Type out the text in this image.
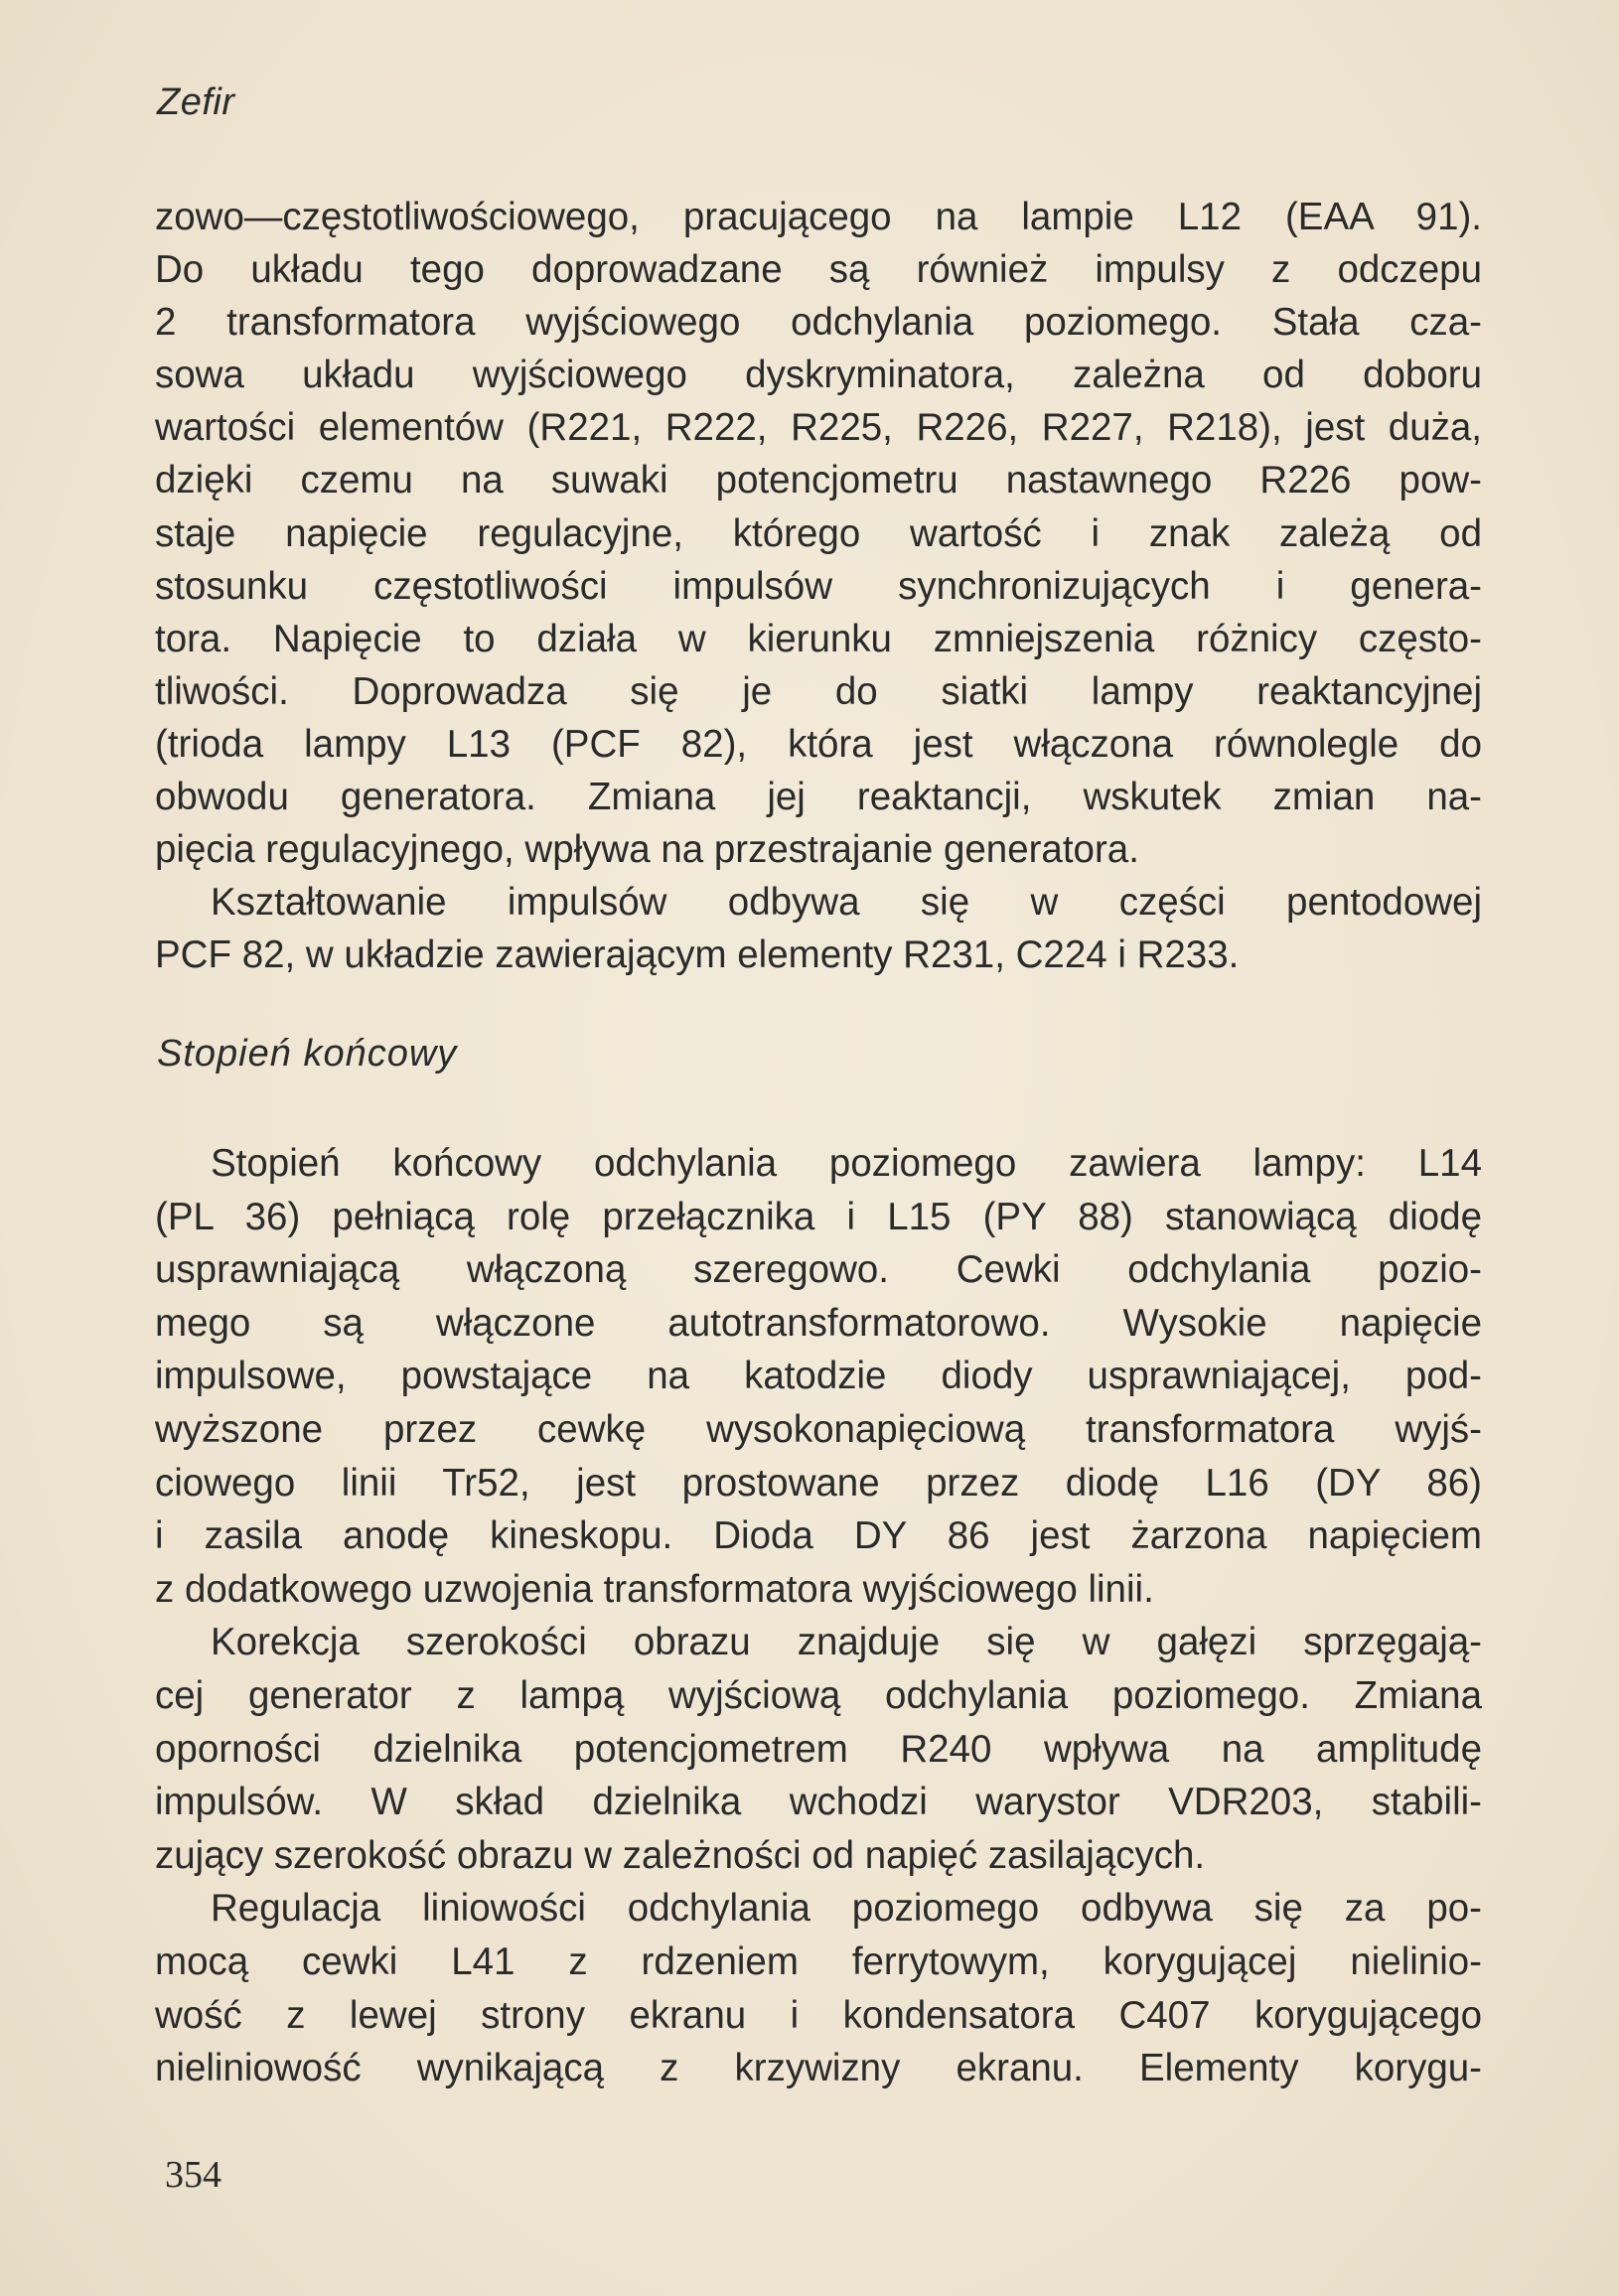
Zefir

zowo—częstotliwościowego, pracującego na lampie L12 (EAA 91).

Do układu tego doprowadzane są również impulsy z odczepu

2 transformatora wyjściowego odchylania poziomego. Stała cza-

sowa układu wyjściowego dyskryminatora, zależna od doboru

wartości elementów (R221, R222, R225, R226, R227, R218), jest duża,

dzięki czemu na suwaki potencjometru nastawnego R226 pow-

staje napięcie regulacyjne, którego wartość i znak zależą od

stosunku częstotliwości impulsów synchronizujących i genera-

tora. Napięcie to działa w kierunku zmniejszenia różnicy często-

tliwości. Doprowadza się je do siatki lampy reaktancyjnej

(trioda lampy L13 (PCF 82), która jest włączona równolegle do

obwodu generatora. Zmiana jej reaktancji, wskutek zmian na-

pięcia regulacyjnego, wpływa na przestrajanie generatora.

Kształtowanie impulsów odbywa się w części pentodowej

PCF 82, w układzie zawierającym elementy R231, C224 i R233.

Stopień końcowy

Stopień końcowy odchylania poziomego zawiera lampy: L14

(PL 36) pełniącą rolę przełącznika i L15 (PY 88) stanowiącą diodę

usprawniającą włączoną szeregowo. Cewki odchylania pozio-

mego są włączone autotransformatorowo. Wysokie napięcie

impulsowe, powstające na katodzie diody usprawniającej, pod-

wyższone przez cewkę wysokonapięciową transformatora wyjś-

ciowego linii Tr52, jest prostowane przez diodę L16 (DY 86)

i zasila anodę kineskopu. Dioda DY 86 jest żarzona napięciem

z dodatkowego uzwojenia transformatora wyjściowego linii.

Korekcja szerokości obrazu znajduje się w gałęzi sprzęgają-

cej generator z lampą wyjściową odchylania poziomego. Zmiana

oporności dzielnika potencjometrem R240 wpływa na amplitudę

impulsów. W skład dzielnika wchodzi warystor VDR203, stabili-

zujący szerokość obrazu w zależności od napięć zasilających.

Regulacja liniowości odchylania poziomego odbywa się za po-

mocą cewki L41 z rdzeniem ferrytowym, korygującej nielinio-

wość z lewej strony ekranu i kondensatora C407 korygującego

nieliniowość wynikającą z krzywizny ekranu. Elementy korygu-

354
